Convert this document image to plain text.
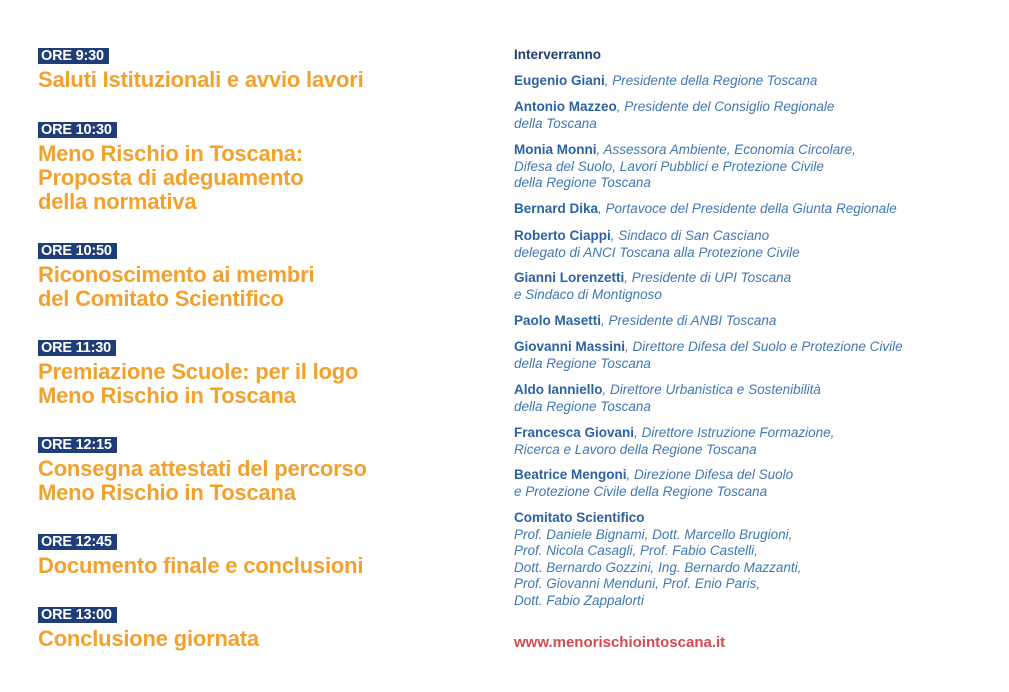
ORE 9:30
Saluti Istituzionali e avvio lavori
ORE 10:30
Meno Rischio in Toscana:
Proposta di adeguamento
della normativa
ORE 10:50
Riconoscimento ai membri
del Comitato Scientifico
ORE 11:30
Premiazione Scuole: per il logo
Meno Rischio in Toscana
ORE 12:15
Consegna attestati del percorso
Meno Rischio in Toscana
ORE 12:45
Documento finale e conclusioni
ORE 13:00
Conclusione giornata
Interverranno
Eugenio Giani, Presidente della Regione Toscana
Antonio Mazzeo, Presidente del Consiglio Regionale
della Toscana
Monia Monni, Assessora Ambiente, Economia Circolare,
Difesa del Suolo, Lavori Pubblici e Protezione Civile
della Regione Toscana
Bernard Dika, Portavoce del Presidente della Giunta Regionale
Roberto Ciappi, Sindaco di San Casciano
delegato di ANCI Toscana alla Protezione Civile
Gianni Lorenzetti, Presidente di UPI Toscana
e Sindaco di Montignoso
Paolo Masetti, Presidente di ANBI Toscana
Giovanni Massini, Direttore Difesa del Suolo e Protezione Civile
della Regione Toscana
Aldo Ianniello, Direttore Urbanistica e Sostenibilità
della Regione Toscana
Francesca Giovani, Direttore Istruzione Formazione,
Ricerca e Lavoro della Regione Toscana
Beatrice Mengoni, Direzione Difesa del Suolo
e Protezione Civile della Regione Toscana
Comitato Scientifico
Prof. Daniele Bignami, Dott. Marcello Brugioni,
Prof. Nicola Casagli, Prof. Fabio Castelli,
Dott. Bernardo Gozzini, Ing. Bernardo Mazzanti,
Prof. Giovanni Menduni, Prof. Enio Paris,
Dott. Fabio Zappalorti
www.menorischiointoscana.it
